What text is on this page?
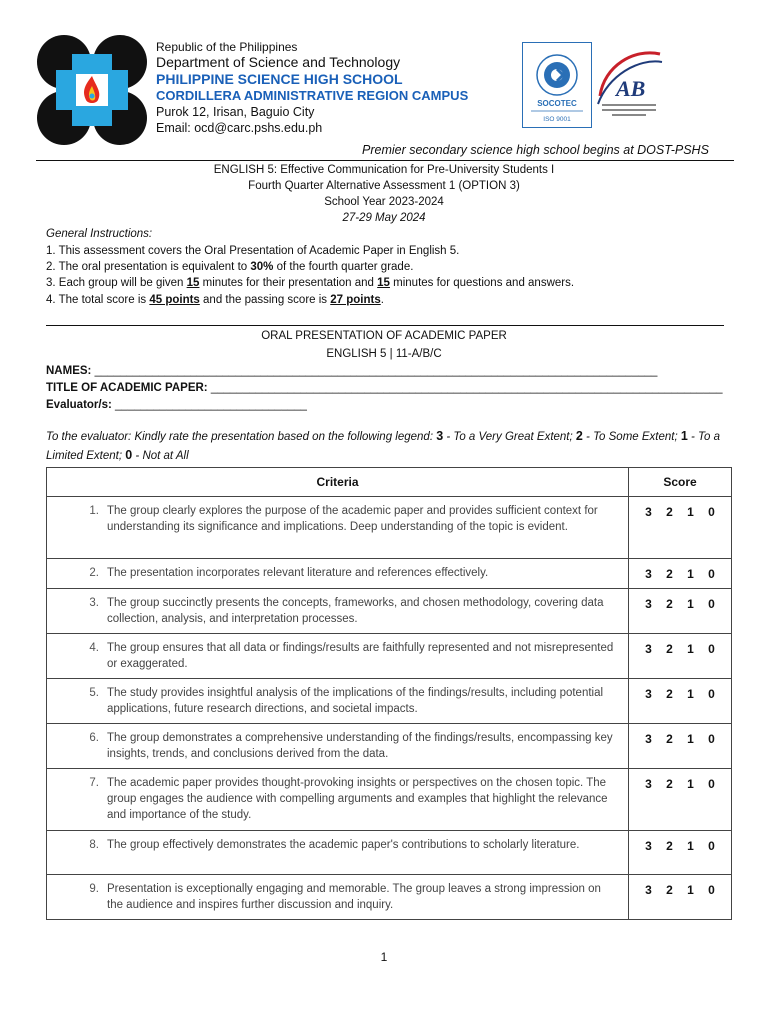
Republic of the Philippines
Department of Science and Technology
PHILIPPINE SCIENCE HIGH SCHOOL
CORDILLERA ADMINISTRATIVE REGION CAMPUS
Purok 12, Irisan, Baguio City
Email: ocd@carc.pshs.edu.ph
SOCOTEC
ISO 9001
AB
Premier secondary science high school begins at DOST-PSHS
ENGLISH 5: Effective Communication for Pre-University Students I
Fourth Quarter Alternative Assessment 1 (OPTION 3)
School Year 2023-2024
27-29 May 2024
General Instructions:
1. This assessment covers the Oral Presentation of Academic Paper in English 5.
2. The oral presentation is equivalent to 30% of the fourth quarter grade.
3. Each group will be given 15 minutes for their presentation and 15 minutes for questions and answers.
4. The total score is 45 points and the passing score is 27 points.
ORAL PRESENTATION OF ACADEMIC PAPER
ENGLISH 5 | 11-A/B/C
NAMES: ________________________________________________________________________________________
TITLE OF ACADEMIC PAPER: ________________________________________________________________________________
Evaluator/s: ______________________________
To the evaluator: Kindly rate the presentation based on the following legend: 3 - To a Very Great Extent; 2 - To Some Extent; 1 - To a Limited Extent; 0 - Not at All
Criteria	Score

1. The group clearly explores the purpose of the academic paper and provides sufficient context for understanding its significance and implications. Deep understanding of the topic is evident.	3 2 1 0

2. The presentation incorporates relevant literature and references effectively.	3 2 1 0

3. The group succinctly presents the concepts, frameworks, and chosen methodology, covering data collection, analysis, and interpretation processes.	3 2 1 0

4. The group ensures that all data or findings/results are faithfully represented and not misrepresented or exaggerated.	3 2 1 0

5. The study provides insightful analysis of the implications of the findings/results, including potential applications, future research directions, and societal impacts.	3 2 1 0

6. The group demonstrates a comprehensive understanding of the findings/results, encompassing key insights, trends, and conclusions derived from the data.	3 2 1 0

7. The academic paper provides thought-provoking insights or perspectives on the chosen topic. The group engages the audience with compelling arguments and examples that highlight the relevance and importance of the study.	3 2 1 0

8. The group effectively demonstrates the academic paper's contributions to scholarly literature.	3 2 1 0

9. Presentation is exceptionally engaging and memorable. The group leaves a strong impression on the audience and inspires further discussion and inquiry.	3 2 1 0
1
